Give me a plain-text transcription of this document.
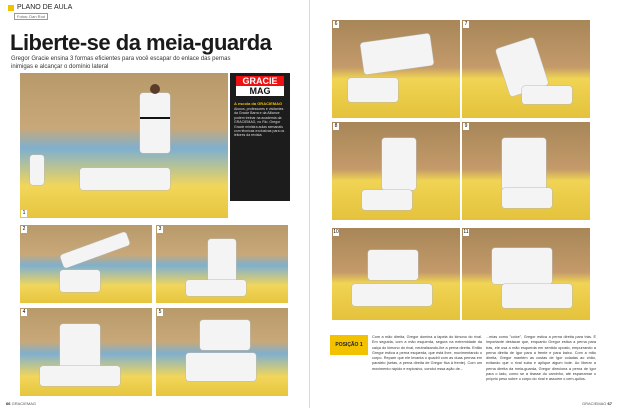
PLANO DE AULA
Fotos: Dan Rod
Liberte-se da meia-guarda
Gregor Gracie ensina 3 formas eficientes para você escapar do enlace das pernas inimigas e alcançar o domínio lateral
1
GRACIE
MAG
A escola da GRACIEMAG
Alunos, professores e visitantes da Gracie Barra e da Alliance podem treinar na academia da GRACIEMAG, no Rio. Gregor Gracie ministra aulas semanais com técnicas exclusivas para os leitores da revista.
2	3
4	5
66 GRACIEMAG
6	7
8	9
10	11
POSIÇÃO 1
Com a mão direita, Gregor domina a lapela do kimono do rival. Em seguida, com a mão esquerda, segura na extremidade da calça do kimono do rival, neutralizando-lhe a perna direita. Então Gregor estica a perna esquerda, que está livre, movimentando o corpo. Repare que ele levanta o quadril com as duas pernas em paralelo (setas, a perna direita de Gregor fica à frente). Com um movimento rápido e explosivo, conclui essa ação de...
...mias como "coice", Gregor estica a perna direita para trás. É importante destacar que, enquanto Gregor estica a perna para trás, ele usa a mão esquerda em sentido oposto, empurrando a perna direita de Igor para a frente e para baixo. Com a mão direita, Gregor mantém as costas de Igor coladas ao chão, evitando que o rival suba e aplique algum bote. Ao liberar a perna direita da meia-guarda, Gregor direciona a perna de Igor para o lado, como se a tirasse do caminho, até esparramar o próprio peso sobre o corpo do rival e assume o cem-quilos.
GRACIEMAG 67
